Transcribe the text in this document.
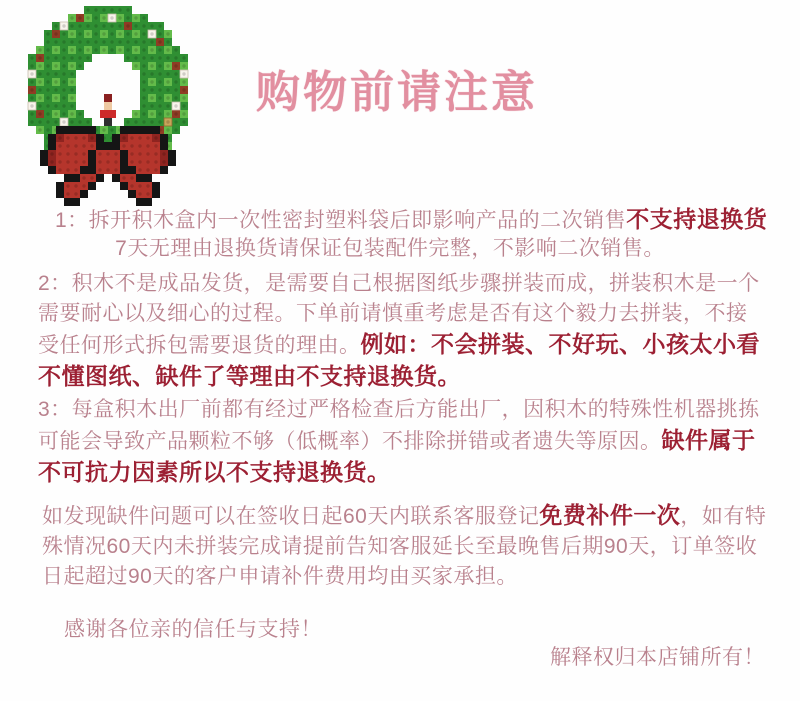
购物前请注意
1：拆开积木盒内一次性密封塑料袋后即影响产品的二次销售不支持退换货
7天无理由退换货请保证包装配件完整，不影响二次销售。
2：积木不是成品发货，是需要自己根据图纸步骤拼装而成，拼装积木是一个需要耐心以及细心的过程。下单前请慎重考虑是否有这个毅力去拼装，不接受任何形式拆包需要退货的理由。例如：不会拼装、不好玩、小孩太小看不懂图纸、缺件了等理由不支持退换货。
3：每盒积木出厂前都有经过严格检查后方能出厂，因积木的特殊性机器挑拣可能会导致产品颗粒不够（低概率）不排除拼错或者遗失等原因。缺件属于不可抗力因素所以不支持退换货。
如发现缺件问题可以在签收日起60天内联系客服登记免费补件一次，如有特殊情况60天内未拼装完成请提前告知客服延长至最晚售后期90天，订单签收日起超过90天的客户申请补件费用均由买家承担。
感谢各位亲的信任与支持！
解释权归本店铺所有！
